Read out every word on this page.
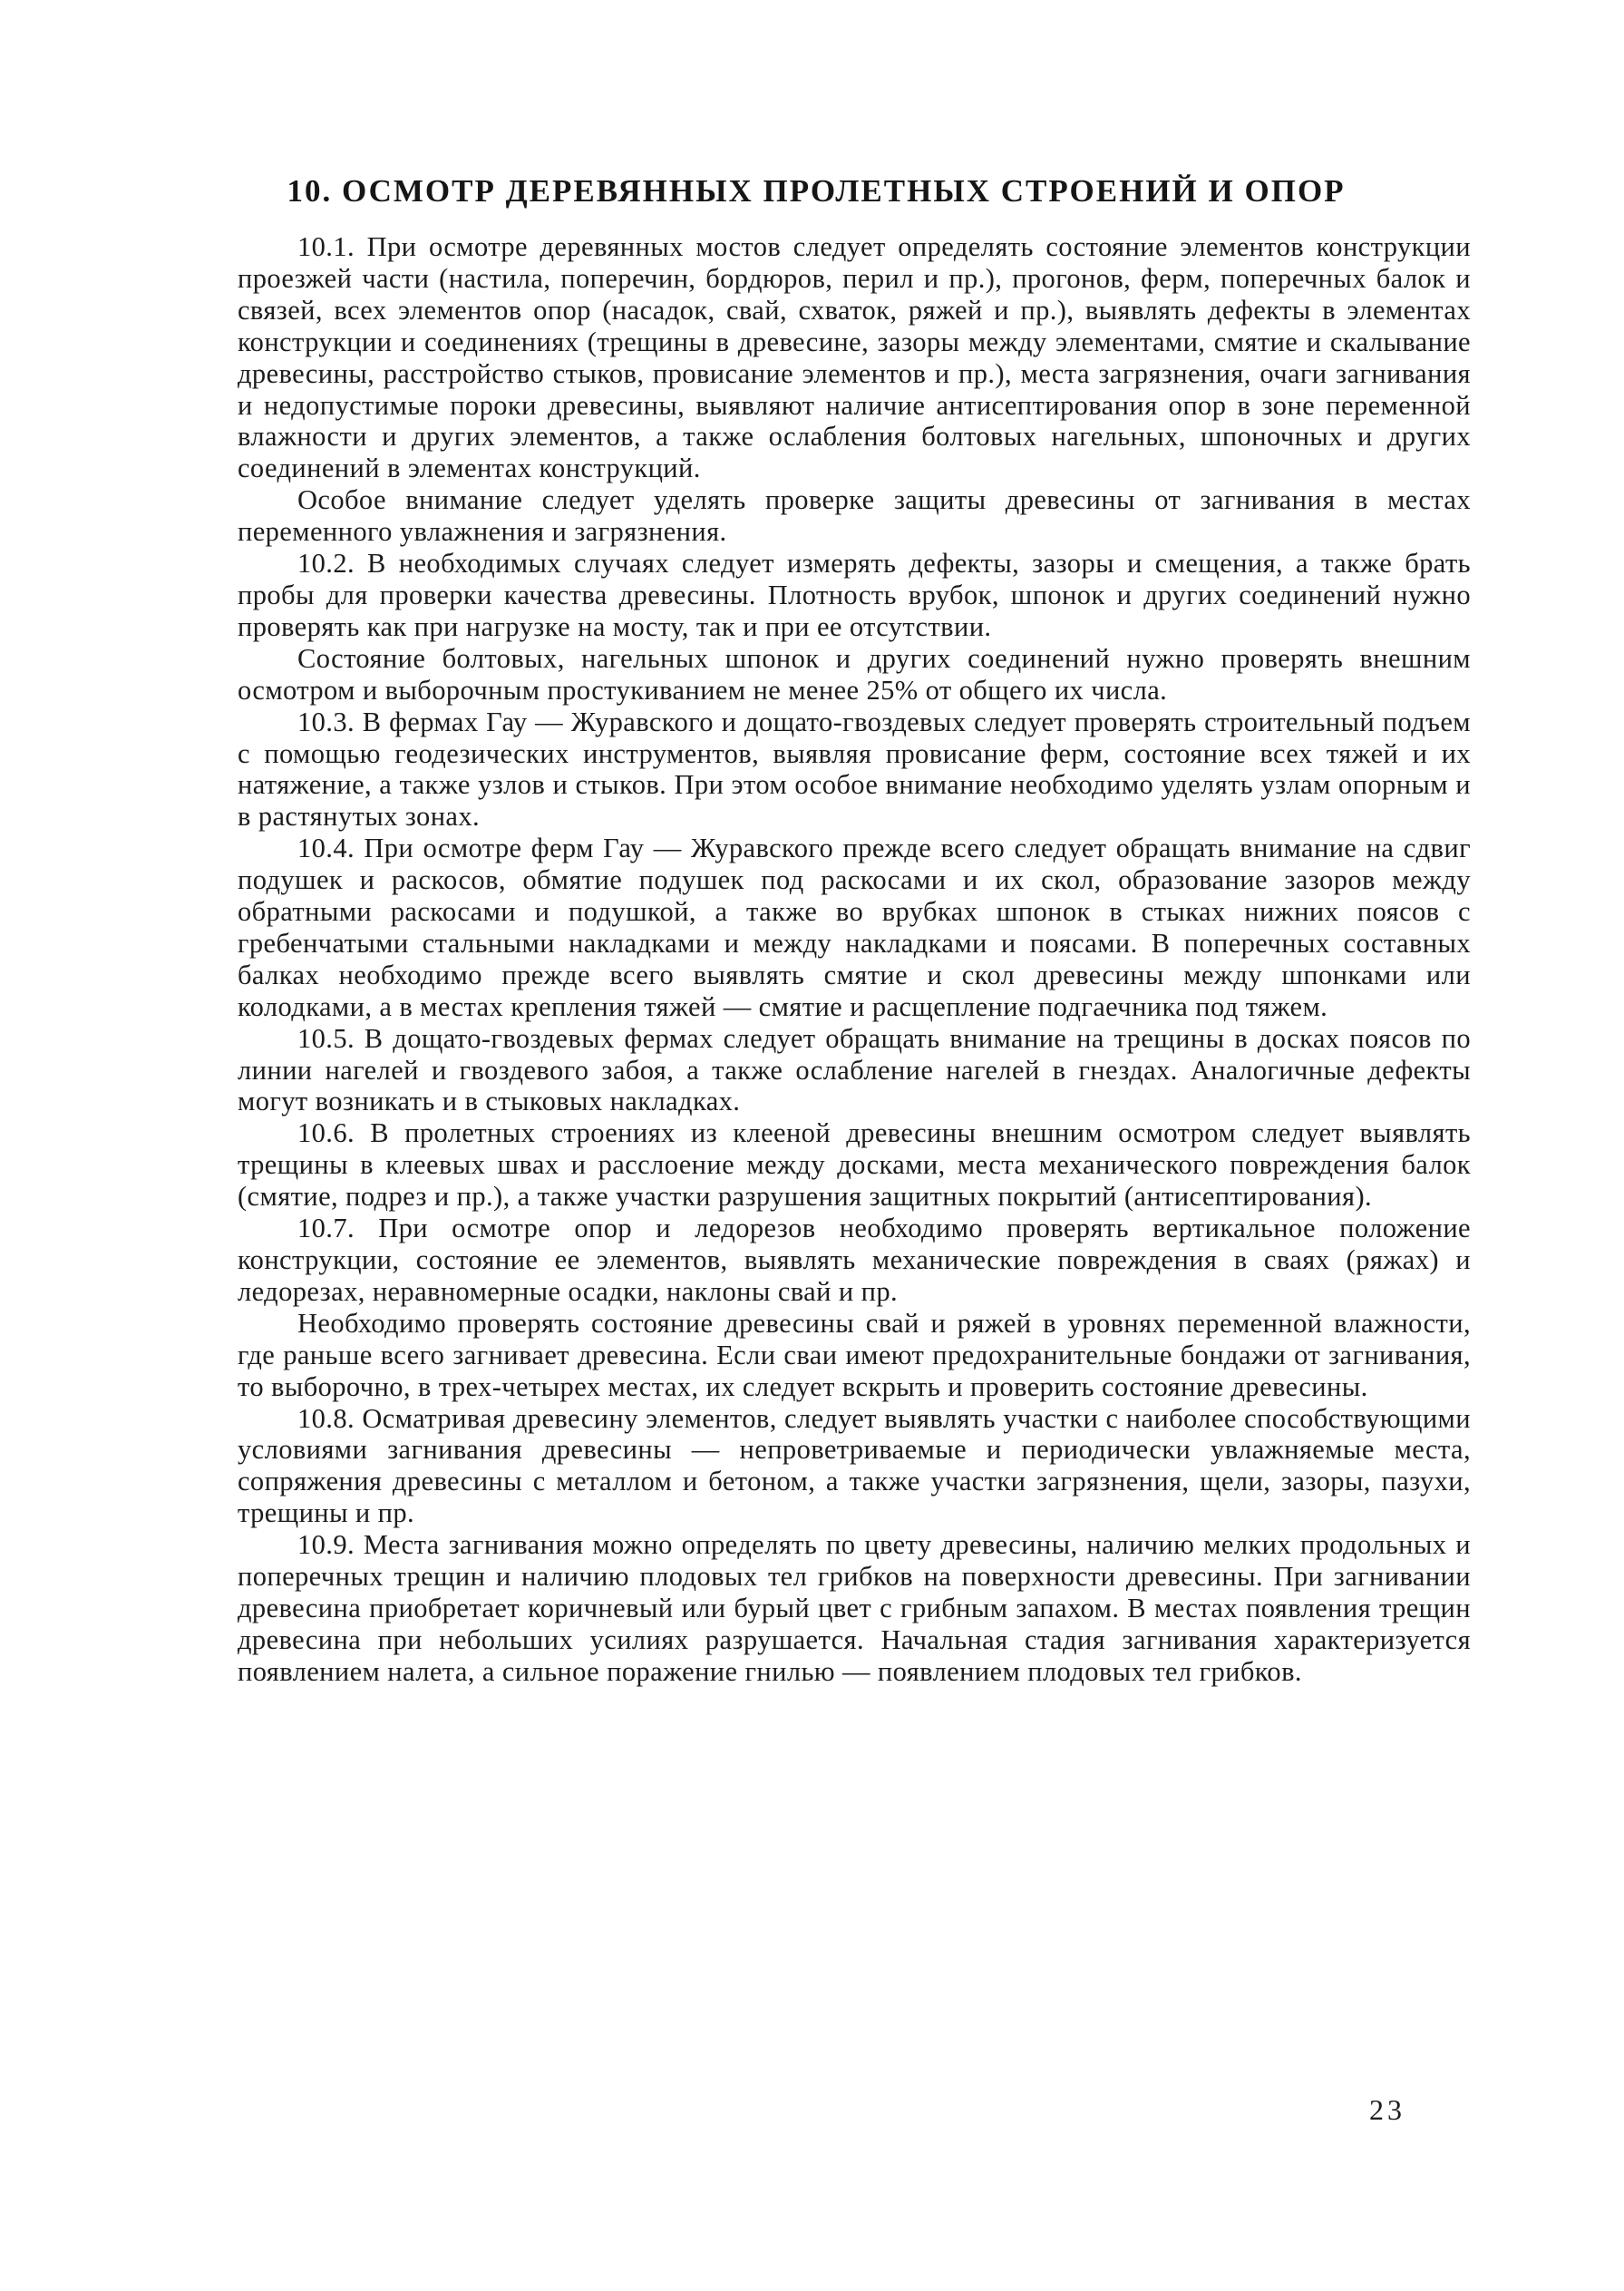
10. ОСМОТР ДЕРЕВЯННЫХ ПРОЛЕТНЫХ СТРОЕНИЙ И ОПОР

10.1. При осмотре деревянных мостов следует определять состояние элементов конструкции проезжей части (настила, поперечин, бордюров, перил и пр.), прогонов, ферм, поперечных балок и связей, всех элементов опор (насадок, свай, схваток, ряжей и пр.), выявлять дефекты в элементах конструкции и соединениях (трещины в древесине, зазоры между элементами, смятие и скалывание древесины, расстройство стыков, провисание элементов и пр.), места загрязнения, очаги загнивания и недопустимые пороки древесины, выявляют наличие антисептирования опор в зоне переменной влажности и других элементов, а также ослабления болтовых нагельных, шпоночных и других соединений в элементах конструкций.

Особое внимание следует уделять проверке защиты древесины от загнивания в местах переменного увлажнения и загрязнения.

10.2. В необходимых случаях следует измерять дефекты, зазоры и смещения, а также брать пробы для проверки качества древесины. Плотность врубок, шпонок и других соединений нужно проверять как при нагрузке на мосту, так и при ее отсутствии.

Состояние болтовых, нагельных шпонок и других соединений нужно проверять внешним осмотром и выборочным простукиванием не менее 25% от общего их числа.

10.3. В фермах Гау — Журавского и дощато-гвоздевых следует проверять строительный подъем с помощью геодезических инструментов, выявляя провисание ферм, состояние всех тяжей и их натяжение, а также узлов и стыков. При этом особое внимание необходимо уделять узлам опорным и в растянутых зонах.

10.4. При осмотре ферм Гау — Журавского прежде всего следует обращать внимание на сдвиг подушек и раскосов, обмятие подушек под раскосами и их скол, образование зазоров между обратными раскосами и подушкой, а также во врубках шпонок в стыках нижних поясов с гребенчатыми стальными накладками и между накладками и поясами. В поперечных составных балках необходимо прежде всего выявлять смятие и скол древесины между шпонками или колодками, а в местах крепления тяжей — смятие и расщепление подгаечника под тяжем.

10.5. В дощато-гвоздевых фермах следует обращать внимание на трещины в досках поясов по линии нагелей и гвоздевого забоя, а также ослабление нагелей в гнездах. Аналогичные дефекты могут возникать и в стыковых накладках.

10.6. В пролетных строениях из клееной древесины внешним осмотром следует выявлять трещины в клеевых швах и расслоение между досками, места механического повреждения балок (смятие, подрез и пр.), а также участки разрушения защитных покрытий (антисептирования).

10.7. При осмотре опор и ледорезов необходимо проверять вертикальное положение конструкции, состояние ее элементов, выявлять механические повреждения в сваях (ряжах) и ледорезах, неравномерные осадки, наклоны свай и пр.

Необходимо проверять состояние древесины свай и ряжей в уровнях переменной влажности, где раньше всего загнивает древесина. Если сваи имеют предохранительные бондажи от загнивания, то выборочно, в трех-четырех местах, их следует вскрыть и проверить состояние древесины.

10.8. Осматривая древесину элементов, следует выявлять участки с наиболее способствующими условиями загнивания древесины — непроветриваемые и периодически увлажняемые места, сопряжения древесины с металлом и бетоном, а также участки загрязнения, щели, зазоры, пазухи, трещины и пр.

10.9. Места загнивания можно определять по цвету древесины, наличию мелких продольных и поперечных трещин и наличию плодовых тел грибков на поверхности древесины. При загнивании древесина приобретает коричневый или бурый цвет с грибным запахом. В местах появления трещин древесина при небольших усилиях разрушается. Начальная стадия загнивания характеризуется появлением налета, а сильное поражение гнилью — появлением плодовых тел грибков.

23
